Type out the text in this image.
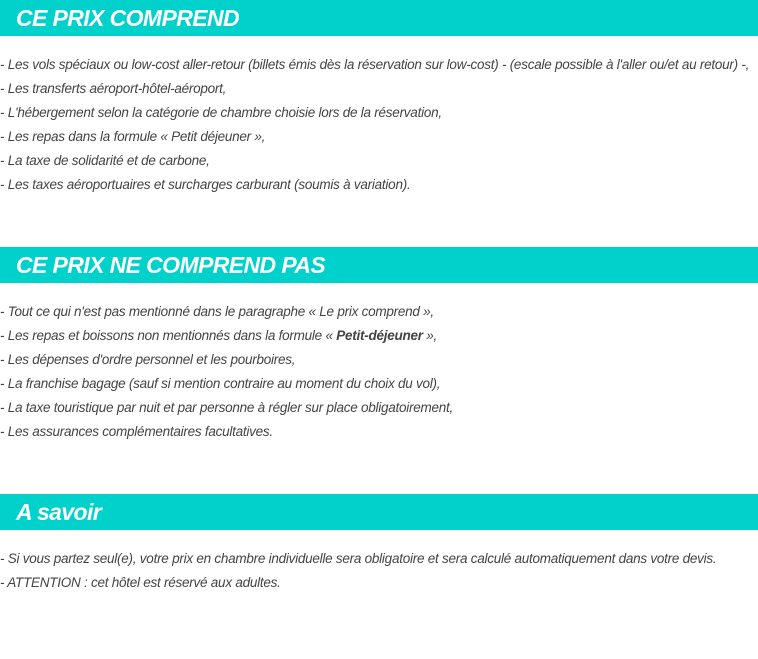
CE PRIX COMPREND
- Les vols spéciaux ou low-cost aller-retour (billets émis dès la réservation sur low-cost) - (escale possible à l'aller ou/et au retour) -,
- Les transferts aéroport-hôtel-aéroport,
- L'hébergement selon la catégorie de chambre choisie lors de la réservation,
- Les repas dans la formule « Petit déjeuner »,
- La taxe de solidarité et de carbone,
- Les taxes aéroportuaires et surcharges carburant (soumis à variation).
CE PRIX NE COMPREND PAS
- Tout ce qui n'est pas mentionné dans le paragraphe « Le prix comprend »,
- Les repas et boissons non mentionnés dans la formule « Petit-déjeuner »,
- Les dépenses d'ordre personnel et les pourboires,
- La franchise bagage (sauf si mention contraire au moment du choix du vol),
- La taxe touristique par nuit et par personne à régler sur place obligatoirement,
- Les assurances complémentaires facultatives.
A savoir
- Si vous partez seul(e), votre prix en chambre individuelle sera obligatoire et sera calculé automatiquement dans votre devis.
- ATTENTION : cet hôtel est réservé aux adultes.
